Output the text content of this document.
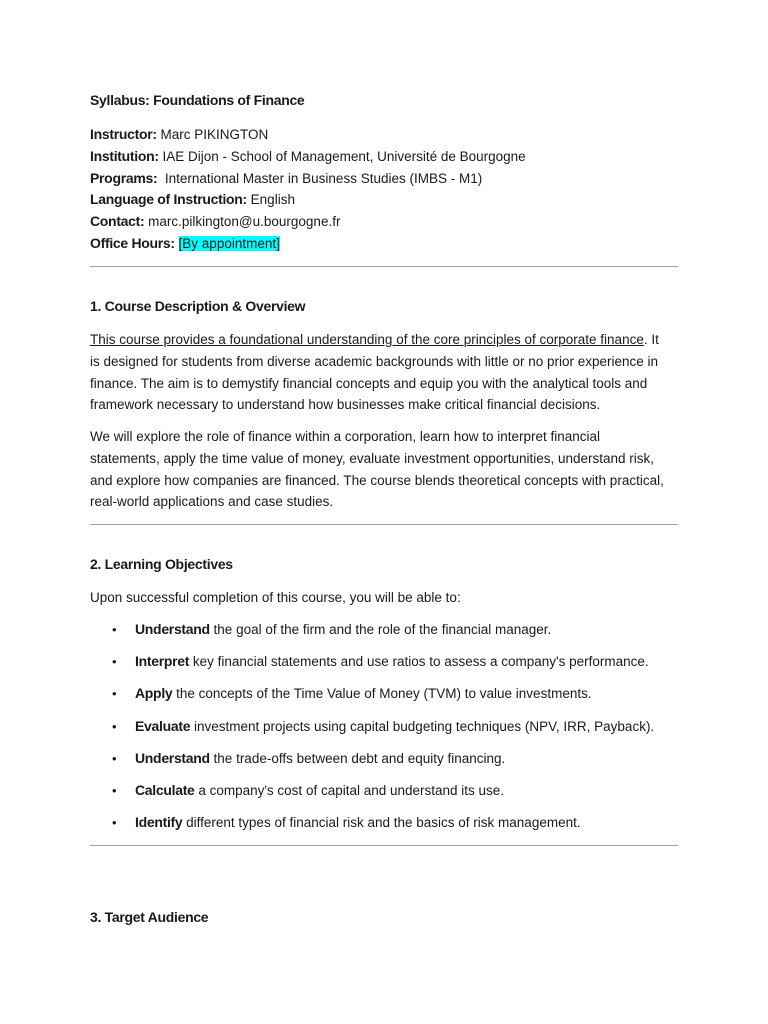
Syllabus: Foundations of Finance
Instructor: Marc PIKINGTON
Institution: IAE Dijon - School of Management, Université de Bourgogne
Programs: International Master in Business Studies (IMBS - M1)
Language of Instruction: English
Contact: marc.pilkington@u.bourgogne.fr
Office Hours: [By appointment]
1. Course Description & Overview

This course provides a foundational understanding of the core principles of corporate finance. It
is designed for students from diverse academic backgrounds with little or no prior experience in
finance. The aim is to demystify financial concepts and equip you with the analytical tools and
framework necessary to understand how businesses make critical financial decisions.

We will explore the role of finance within a corporation, learn how to interpret financial
statements, apply the time value of money, evaluate investment opportunities, understand risk,
and explore how companies are financed. The course blends theoretical concepts with practical,
real-world applications and case studies.

2. Learning Objectives

Upon successful completion of this course, you will be able to:

• Understand the goal of the firm and the role of the financial manager.
• Interpret key financial statements and use ratios to assess a company's performance.
• Apply the concepts of the Time Value of Money (TVM) to value investments.
• Evaluate investment projects using capital budgeting techniques (NPV, IRR, Payback).
• Understand the trade-offs between debt and equity financing.
• Calculate a company's cost of capital and understand its use.
• Identify different types of financial risk and the basics of risk management.
3. Target Audience
